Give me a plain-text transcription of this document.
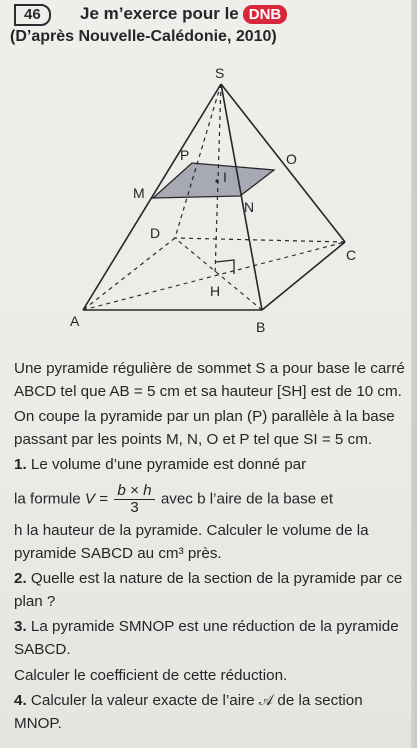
46	Je m’exerce pour le DNB
(D’après Nouvelle-Calédonie, 2010)
S
P	O
I
M
N
D
C
H
A	B

Une pyramide régulière de sommet S a pour base le carré ABCD tel que AB = 5 cm et sa hauteur [SH] est de 10 cm.

On coupe la pyramide par un plan (P) parallèle à la base passant par les points M, N, O et P tel que SI = 5 cm.

1. Le volume d’une pyramide est donné par

la formule $V = \frac{b \times h}{3}$ avec b l’aire de la base et

h la hauteur de la pyramide. Calculer le volume de la pyramide SABCD au cm³ près.

2. Quelle est la nature de la section de la pyramide par ce plan ?

3. La pyramide SMNOP est une réduction de la pyramide SABCD.

Calculer le coefficient de cette réduction.

4. Calculer la valeur exacte de l’aire 𝒜 de la section MNOP.
